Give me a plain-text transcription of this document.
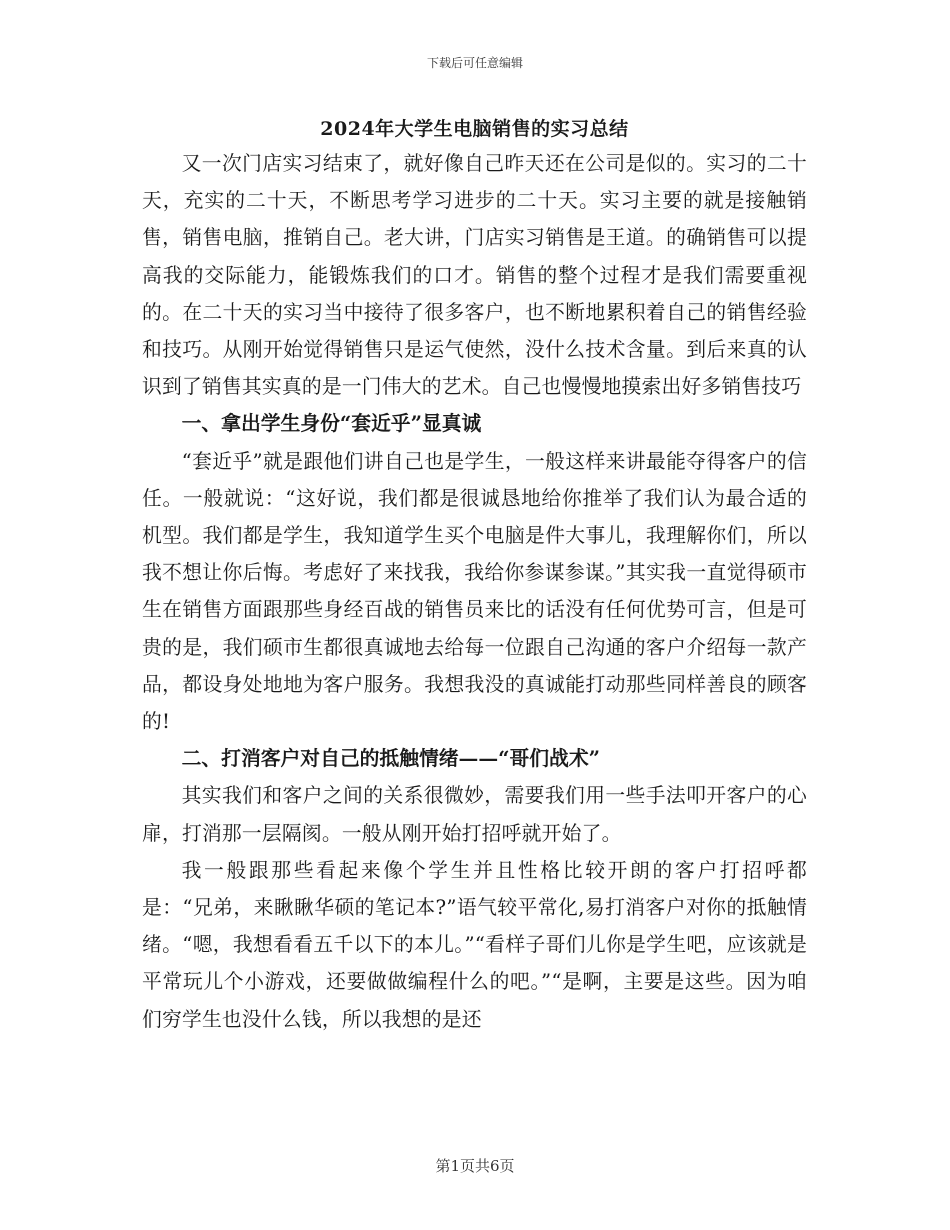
下载后可任意编辑
2024年大学生电脑销售的实习总结

又一次门店实习结束了，就好像自己昨天还在公司是似的。实习的二十天，充实的二十天，不断思考学习进步的二十天。实习主要的就是接触销售，销售电脑，推销自己。老大讲，门店实习销售是王道。的确销售可以提高我的交际能力，能锻炼我们的口才。销售的整个过程才是我们需要重视的。在二十天的实习当中接待了很多客户，也不断地累积着自己的销售经验和技巧。从刚开始觉得销售只是运气使然，没什么技术含量。到后来真的认识到了销售其实真的是一门伟大的艺术。自己也慢慢地摸索出好多销售技巧

一、拿出学生身份“套近乎”显真诚

“套近乎”就是跟他们讲自己也是学生，一般这样来讲最能夺得客户的信任。一般就说：“这好说，我们都是很诚恳地给你推举了我们认为最合适的机型。我们都是学生，我知道学生买个电脑是件大事儿，我理解你们，所以我不想让你后悔。考虑好了来找我，我给你参谋参谋。”其实我一直觉得硕市生在销售方面跟那些身经百战的销售员来比的话没有任何优势可言，但是可贵的是，我们硕市生都很真诚地去给每一位跟自己沟通的客户介绍每一款产品，都设身处地地为客户服务。我想我没的真诚能打动那些同样善良的顾客的!

二、打消客户对自己的抵触情绪——“哥们战术”

其实我们和客户之间的关系很微妙，需要我们用一些手法叩开客户的心扉，打消那一层隔阂。一般从刚开始打招呼就开始了。

我一般跟那些看起来像个学生并且性格比较开朗的客户打招呼都是：“兄弟，来瞅瞅华硕的笔记本?”语气较平常化,易打消客户对你的抵触情绪。“嗯，我想看看五千以下的本儿。”“看样子哥们儿你是学生吧，应该就是平常玩儿个小游戏，还要做做编程什么的吧。”“是啊，主要是这些。因为咱们穷学生也没什么钱，所以我想的是还

第1页共6页
